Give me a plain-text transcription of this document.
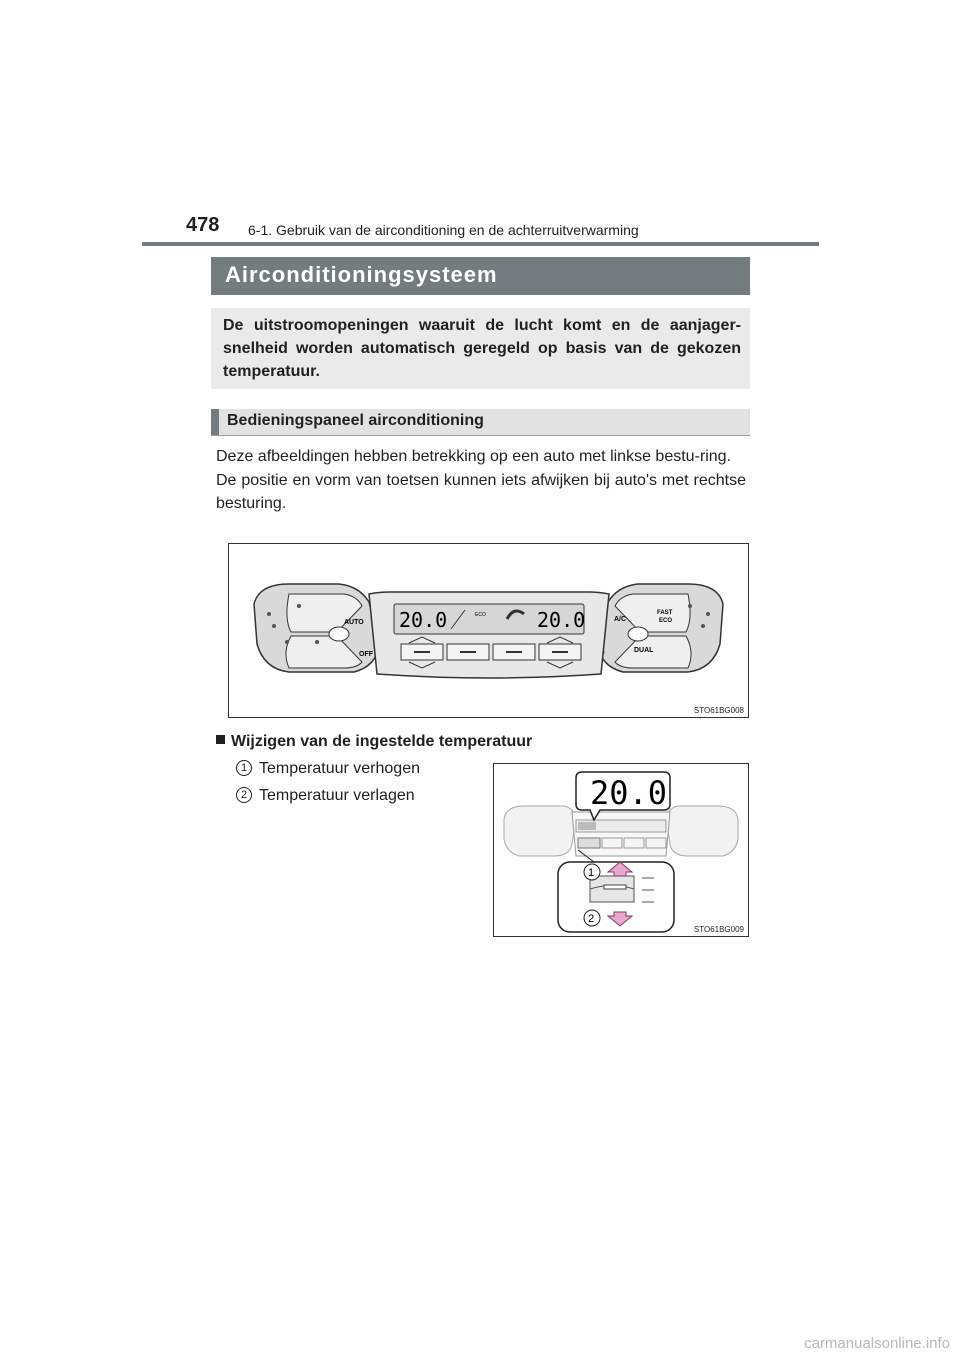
478 6-1. Gebruik van de airconditioning en de achterruitverwarming
Airconditioningsysteem

De uitstroomopeningen waaruit de lucht komt en de aanjager-snelheid worden automatisch geregeld op basis van de gekozen temperatuur.

Bedieningspaneel airconditioning

Deze afbeeldingen hebben betrekking op een auto met linkse bestu-ring.

De positie en vorm van toetsen kunnen iets afwijken bij auto's met rechtse besturing.

AUTO
OFF
A/C
FAST
ECO
DUAL
20.0	20.0
ECO
STO61BG008
Wijzigen van de ingestelde temperatuur
1 Temperatuur verhogen
2 Temperatuur verlagen	20.0
1
2
STO61BG009
carmanualsonline.info
